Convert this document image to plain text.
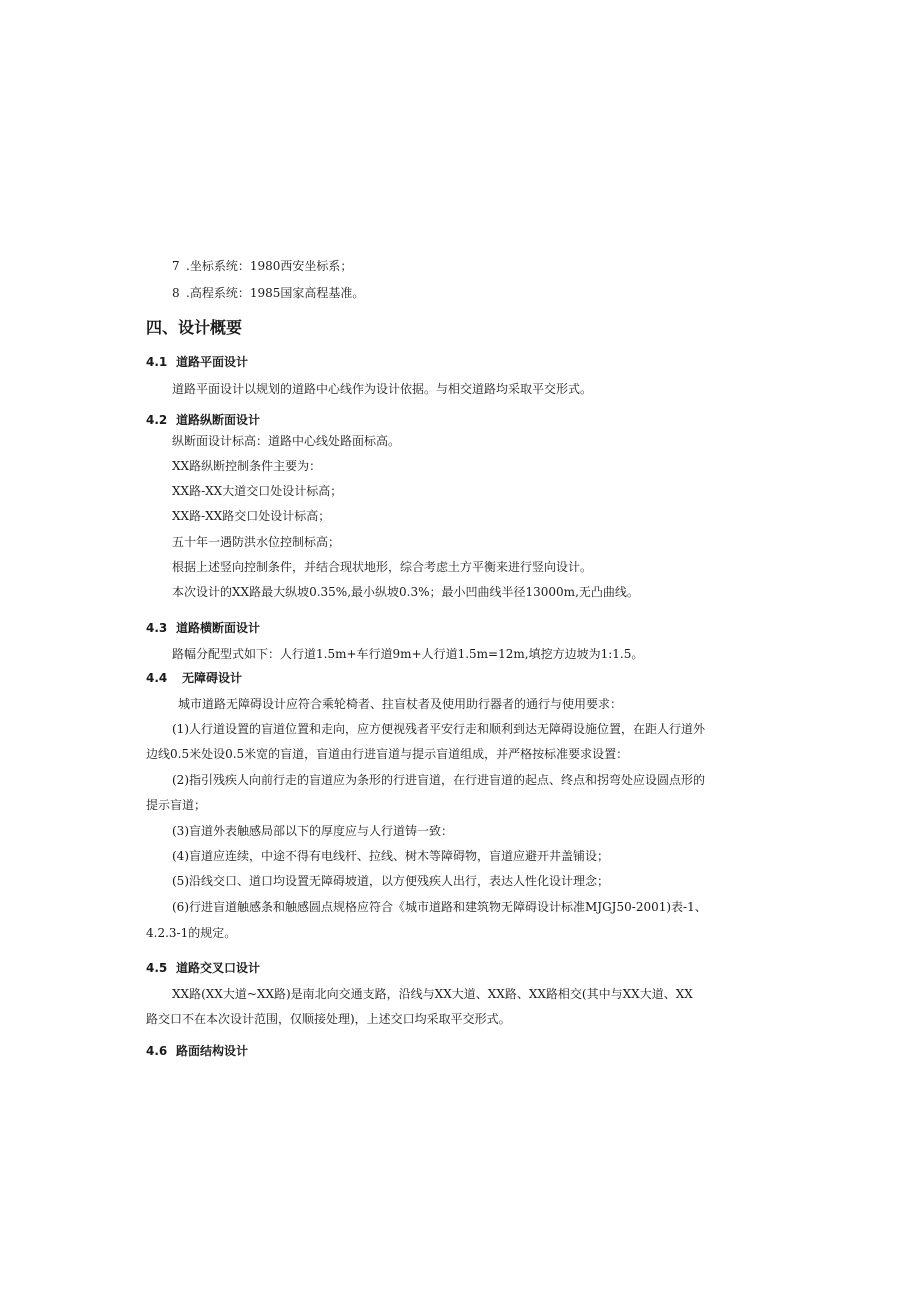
7 .坐标系统：1980西安坐标系；
8 .高程系统：1985国家高程基准。
四、设计概要
4.1 道路平面设计
道路平面设计以规划的道路中心线作为设计依据。与相交道路均采取平交形式。
4.2 道路纵断面设计
纵断面设计标高：道路中心线处路面标高。
XX路纵断控制条件主要为：
XX路-XX大道交口处设计标高；
XX路-XX路交口处设计标高；
五十年一遇防洪水位控制标高；
根据上述竖向控制条件，并结合现状地形，综合考虑土方平衡来进行竖向设计。
本次设计的XX路最大纵坡0.35%,最小纵坡0.3%；最小凹曲线半径13000m,无凸曲线。
4.3 道路横断面设计
路幅分配型式如下：人行道1.5m+车行道9m+人行道1.5m=12m,填挖方边坡为1:1.5。
4.4 无障碍设计
城市道路无障碍设计应符合乘轮椅者、拄盲杖者及使用助行器者的通行与使用要求：
(1)人行道设置的盲道位置和走向，应方便视残者平安行走和顺利到达无障碍设施位置，在距人行道外
边线0.5米处设0.5米宽的盲道，盲道由行进盲道与提示盲道组成，并严格按标准要求设置：
(2)指引残疾人向前行走的盲道应为条形的行进盲道，在行进盲道的起点、终点和拐弯处应设圆点形的
提示盲道；
(3)盲道外表触感局部以下的厚度应与人行道铸一致：
(4)盲道应连续，中途不得有电线杆、拉线、树木等障碍物，盲道应避开井盖铺设；
(5)沿线交口、道口均设置无障碍坡道，以方便残疾人出行，表达人性化设计理念；
(6)行进盲道触感条和触感圆点规格应符合《城市道路和建筑物无障碍设计标准MJGJ50-2001)表-1、
4.2.3-1的规定。
4.5 道路交叉口设计
XX路(XX大道~XX路)是南北向交通支路，沿线与XX大道、XX路、XX路相交(其中与XX大道、XX
路交口不在本次设计范围，仅顺接处理)，上述交口均采取平交形式。
4.6 路面结构设计
